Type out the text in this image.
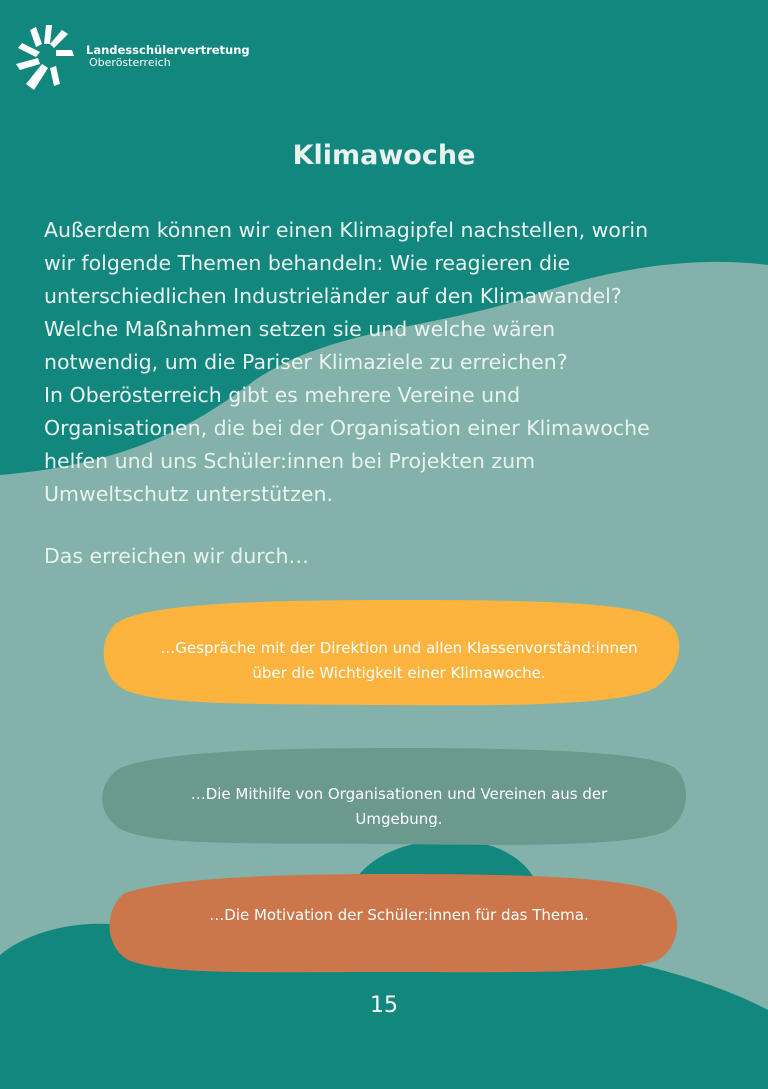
Landesschülervertretung
Oberösterreich
Klimawoche

Außerdem können wir einen Klimagipfel nachstellen, worin
wir folgende Themen behandeln: Wie reagieren die
unterschiedlichen Industrieländer auf den Klimawandel?
Welche Maßnahmen setzen sie und welche wären
notwendig, um die Pariser Klimaziele zu erreichen?
In Oberösterreich gibt es mehrere Vereine und
Organisationen, die bei der Organisation einer Klimawoche
helfen und uns Schüler:innen bei Projekten zum
Umweltschutz unterstützen.

Das erreichen wir durch…

…Gespräche mit der Direktion und allen Klassenvorständ:innen
über die Wichtigkeit einer Klimawoche.
…Die Mithilfe von Organisationen und Vereinen aus der
Umgebung.
…Die Motivation der Schüler:innen für das Thema.
15
